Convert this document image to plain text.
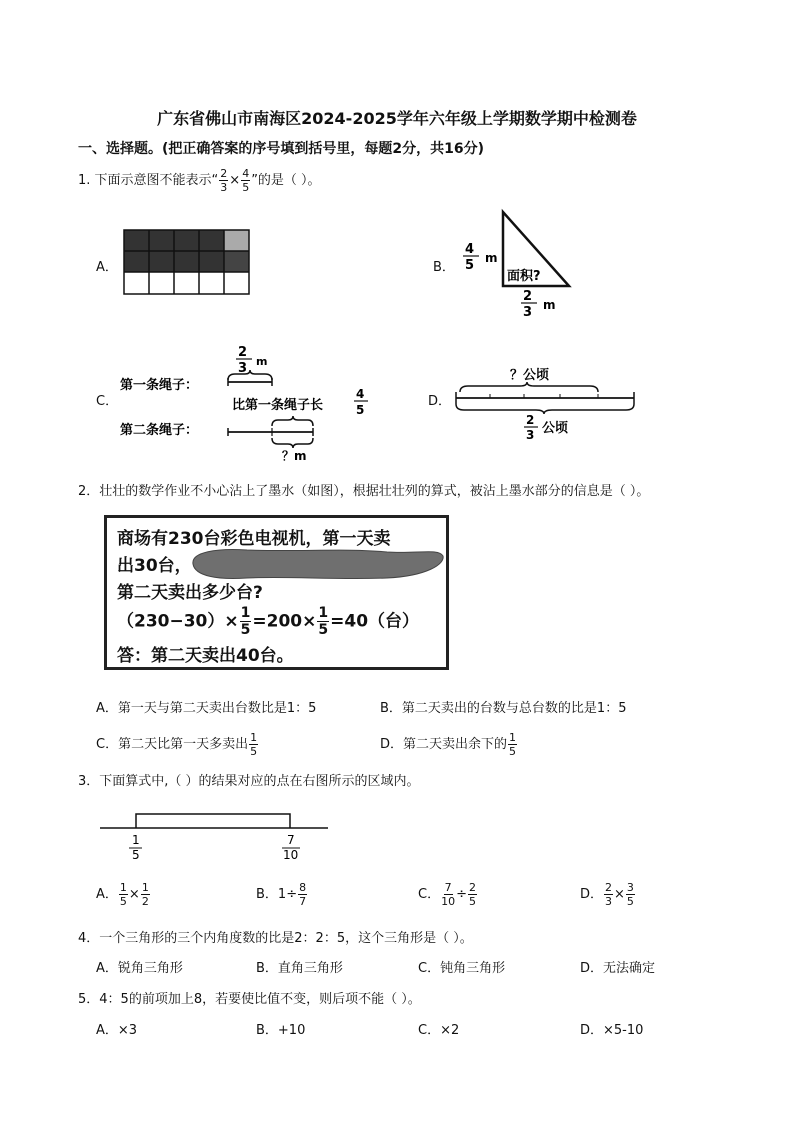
广东省佛山市南海区2024-2025学年六年级上学期数学期中检测卷
一、选择题。(把正确答案的序号填到括号里，每题2分，共16分)
1. 下面示意图不能表示“ $\frac{2}{3} \times \frac{4}{5}$ ”的是（ ）。
A．	B．
4
5 m
面积?
2
3 m
C．
2
3 m
第一条绳子：
比第一条绳子长
4
5
第二条绳子：
？m
D．
？公顷
2
3 公顷
2．壮壮的数学作业不小心沾上了墨水（如图），根据壮壮列的算式，被沾上墨水部分的信息是（ ）。
商场有230台彩色电视机，第一天卖
出30台，
第二天卖出多少台?
$(230-30)\times \frac{1}{5} =200\times \frac{1}{5} =40$（台）
答：第二天卖出40台。
A．第一天与第二天卖出台数比是1：5	B．第二天卖出的台数与总台数的比是1：5
C．第二天比第一天多卖出 $\frac{1}{5}$	D．第二天卖出余下的 $\frac{1}{5}$
3．下面算式中,（ ）的结果对应的点在右图所示的区域内。
1
5
7
10
A． $\frac{1}{5} \times \frac{1}{2}$	B．$1\div \frac{8}{7}$	C． $\frac{7}{10} \div \frac{2}{5}$	D． $\frac{2}{3} \times \frac{3}{5}$
4．一个三角形的三个内角度数的比是2：2：5，这个三角形是（ ）。
A．锐角三角形	B．直角三角形	C．钝角三角形	D．无法确定
5．4：5的前项加上8，若要使比值不变，则后项不能（ ）。
A．×3	B．+10	C．×2	D．×5-10
